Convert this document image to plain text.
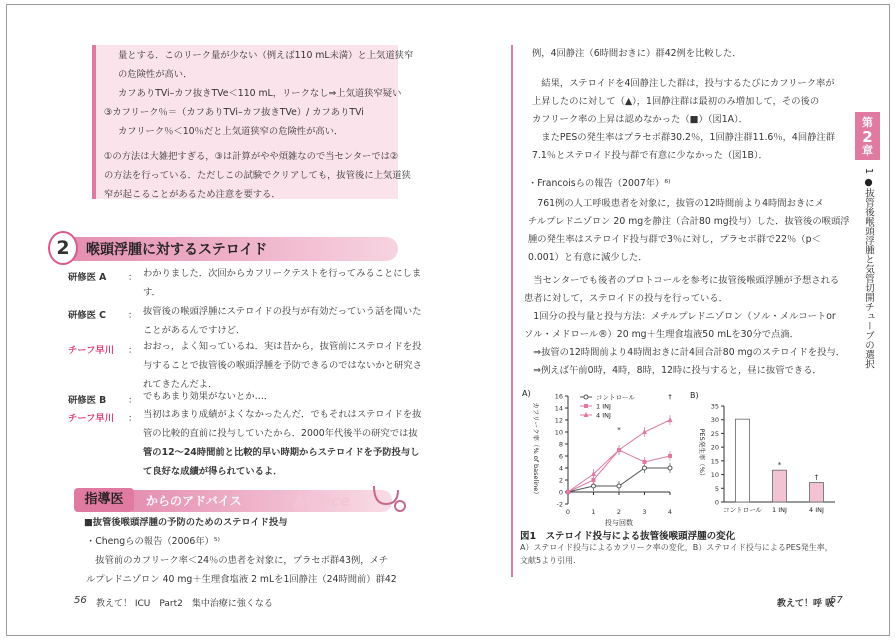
量とする．このリーク量が少ない（例えば110 mL未満）と上気道狭窄
の危険性が高い．
カフありTVi–カフ抜きTVe＜110 mL，リークなし⇒上気道狭窄疑い
③カフリーク％＝（カフありTVi–カフ抜きTVe）/ カフありTVi
カフリーク％＜10％だと上気道狭窄の危険性が高い．
①の方法は大雑把すぎる，③は計算がやや煩雑なので当センターでは②
の方法を行っている．ただしこの試験でクリアしても，抜管後に上気道狭
窄が起こることがあるため注意を要する．
2	喉頭浮腫に対するステロイド
研修医 A ： わかりました．次回からカフリークテストを行ってみることにしま
す．
研修医 C ： 抜管後の喉頭浮腫にステロイドの投与が有効だっていう話を聞いた
ことがあるんですけど．
チーフ早川 ： おおっ，よく知っているね．実は昔から，抜管前にステロイドを投
与することで抜管後の喉頭浮腫を予防できるのではないかと研究さ
れてきたんだよ．
研修医 B ： でもあまり効果がないとか…．
チーフ早川 ： 当初はあまり成績がよくなかったんだ．でもそれはステロイドを抜
管の比較的直前に投与していたから．2000年代後半の研究では抜
管の12～24時間前と比較的早い時期からステロイドを予防投与し
て良好な成績が得られているよ．
指導医	からのアドバイス	Advice
■抜管後喉頭浮腫の予防のためのステロイド投与
・Chengらの報告（2006年）⁵⁾
　抜管前のカフリーク率＜24％の患者を対象に，プラセボ群43例，メチ
ルプレドニゾロン 40 mg＋生理食塩液 2 mLを1回静注（24時間前）群42
例，4回静注（6時間おきに）群42例を比較した．
　結果，ステロイドを4回静注した群は，投与するたびにカフリーク率が
上昇したのに対して（▲），1回静注群は最初のみ増加して，その後の
カフリーク率の上昇は認めなかった（■）（図1A）．
　またPESの発生率はプラセボ群30.2％，1回静注群11.6％，4回静注群
7.1％とステロイド投与群で有意に少なかった（図1B）．
・Francoisらの報告（2007年）⁶⁾
　761例の人工呼吸患者を対象に，抜管の12時間前より4時間おきにメ
チルプレドニゾロン 20 mgを静注（合計80 mg投与）した．抜管後の喉頭浮
腫の発生率はステロイド投与群で3％に対し，プラセボ群で22％（p＜
0.001）と有意に減少した．
　当センターでも後者のプロトコールを参考に抜管後喉頭浮腫が予想される
患者に対して，ステロイドの投与を行っている．
　1回分の投与量と投与方法：メチルプレドニゾロン（ソル・メルコートor
ソル・メドロール®）20 mg＋生理食塩液50 mLを30分で点滴．
　⇒抜管の12時間前より4時間おきに計4回合計80 mgのステロイドを投与．
　⇒例えば午前0時，4時，8時，12時に投与すると，昼に抜管できる．
A)
-2
0
2
4
6
8
10
12
14
16
0	1	2	3	4
投与回数
カフリーク率（% of baseline）	*
†
コントロール
1 INJ
4 INJ
B)
0
5
10
15
20
25
30
35
PES発生率（%）
コントロール 1 INJ
*
4 INJ
†
図1　ステロイド投与による抜管後喉頭浮腫の変化
A）ステロイド投与によるカフリーク率の変化，B）ステロイド投与によるPES発生率，
文献5より引用．
第
2
章
1 ●抜管後喉頭浮腫と気管切開チューブの選択
56 教えて！ ICU　Part2　集中治療に強くなる	教えて！呼 吸
57
